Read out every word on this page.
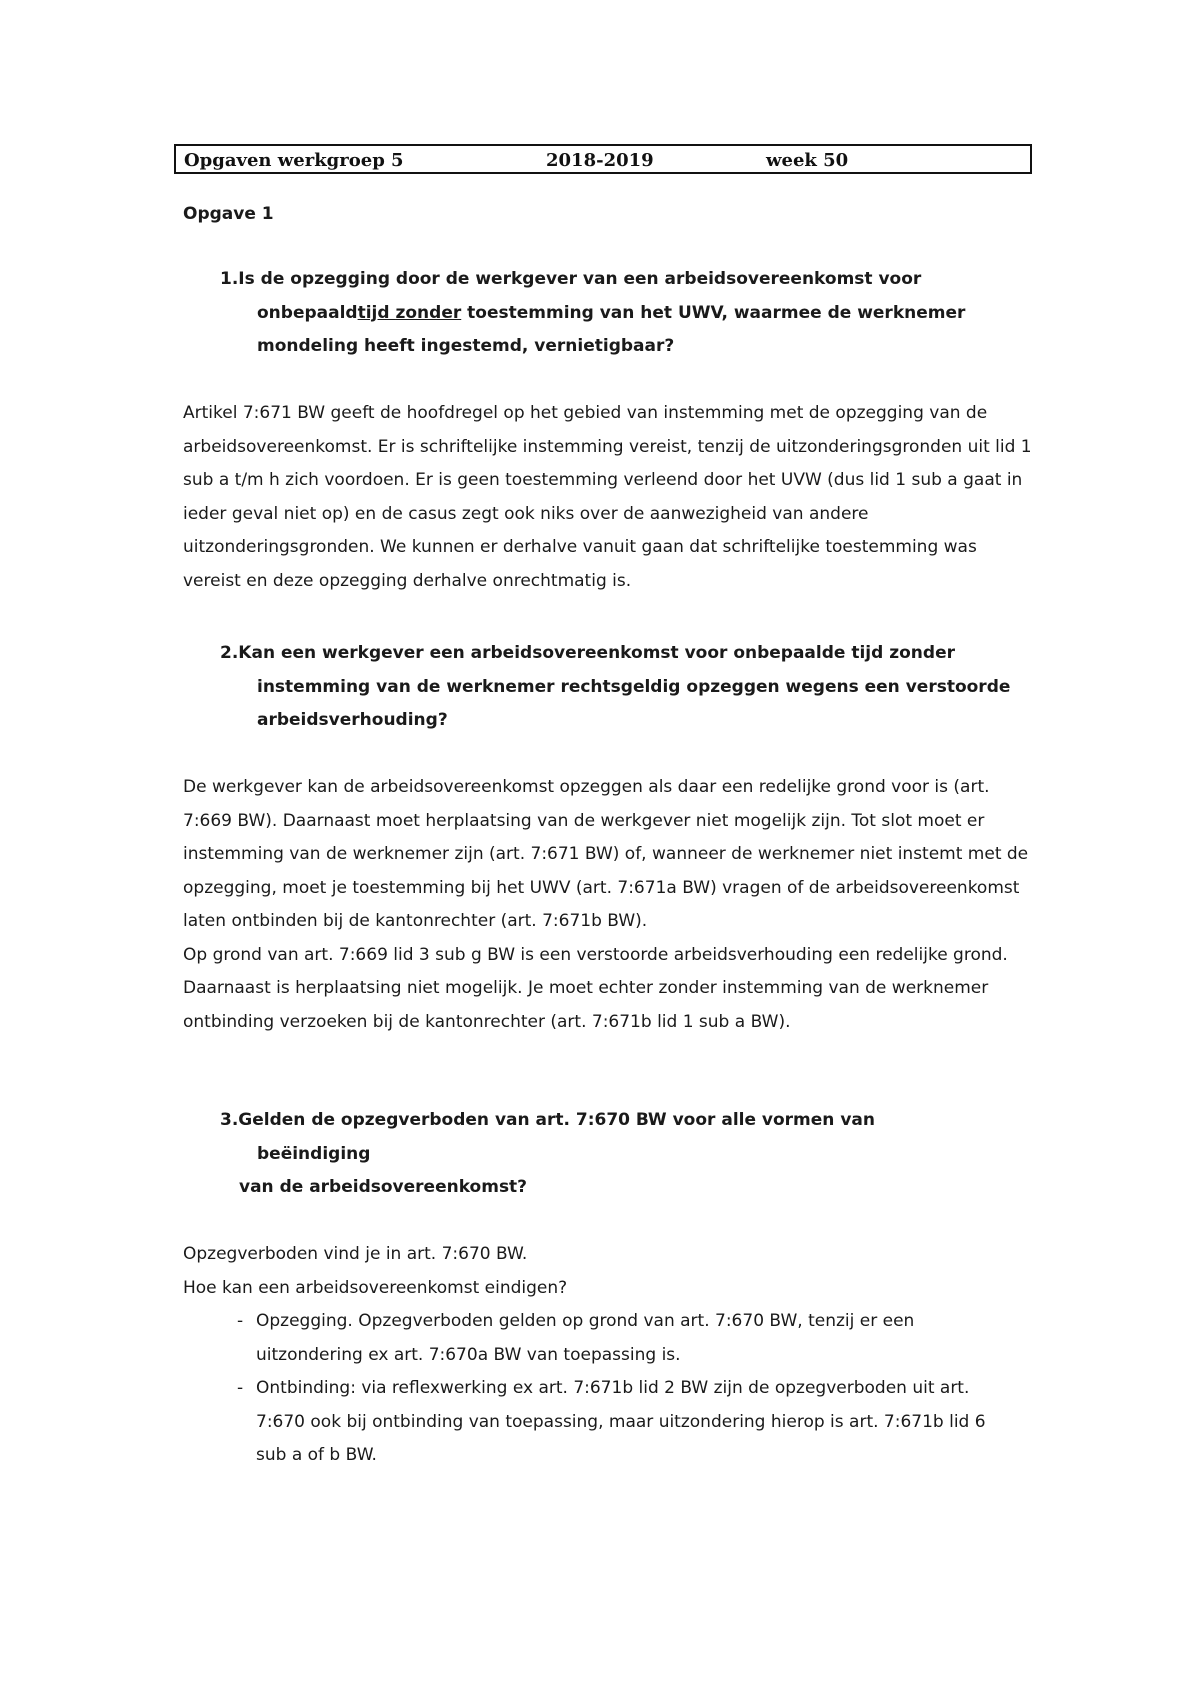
Opgaven werkgroep 5	2018-2019	week 50
Opgave 1

1.Is de opzegging door de werkgever van een arbeidsovereenkomst voor onbepaaldtijd zonder toestemming van het UWV, waarmee de werknemer mondeling heeft ingestemd, vernietigbaar?

Artikel 7:671 BW geeft de hoofdregel op het gebied van instemming met de opzegging van de arbeidsovereenkomst. Er is schriftelijke instemming vereist, tenzij de uitzonderingsgronden uit lid 1 sub a t/m h zich voordoen. Er is geen toestemming verleend door het UVW (dus lid 1 sub a gaat in ieder geval niet op) en de casus zegt ook niks over de aanwezigheid van andere uitzonderingsgronden. We kunnen er derhalve vanuit gaan dat schriftelijke toestemming was vereist en deze opzegging derhalve onrechtmatig is.

2.Kan een werkgever een arbeidsovereenkomst voor onbepaalde tijd zonder instemming van de werknemer rechtsgeldig opzeggen wegens een verstoorde arbeidsverhouding?

De werkgever kan de arbeidsovereenkomst opzeggen als daar een redelijke grond voor is (art. 7:669 BW). Daarnaast moet herplaatsing van de werkgever niet mogelijk zijn. Tot slot moet er instemming van de werknemer zijn (art. 7:671 BW) of, wanneer de werknemer niet instemt met de opzegging, moet je toestemming bij het UWV (art. 7:671a BW) vragen of de arbeidsovereenkomst laten ontbinden bij de kantonrechter (art. 7:671b BW).

Op grond van art. 7:669 lid 3 sub g BW is een verstoorde arbeidsverhouding een redelijke grond. Daarnaast is herplaatsing niet mogelijk. Je moet echter zonder instemming van de werknemer ontbinding verzoeken bij de kantonrechter (art. 7:671b lid 1 sub a BW).

3.Gelden de opzegverboden van art. 7:670 BW voor alle vormen van

beëindiging

van de arbeidsovereenkomst?

Opzegverboden vind je in art. 7:670 BW.

Hoe kan een arbeidsovereenkomst eindigen?

- Opzegging. Opzegverboden gelden op grond van art. 7:670 BW, tenzij er een uitzondering ex art. 7:670a BW van toepassing is.
- Ontbinding: via reflexwerking ex art. 7:671b lid 2 BW zijn de opzegverboden uit art. 7:670 ook bij ontbinding van toepassing, maar uitzondering hierop is art. 7:671b lid 6 sub a of b BW.
